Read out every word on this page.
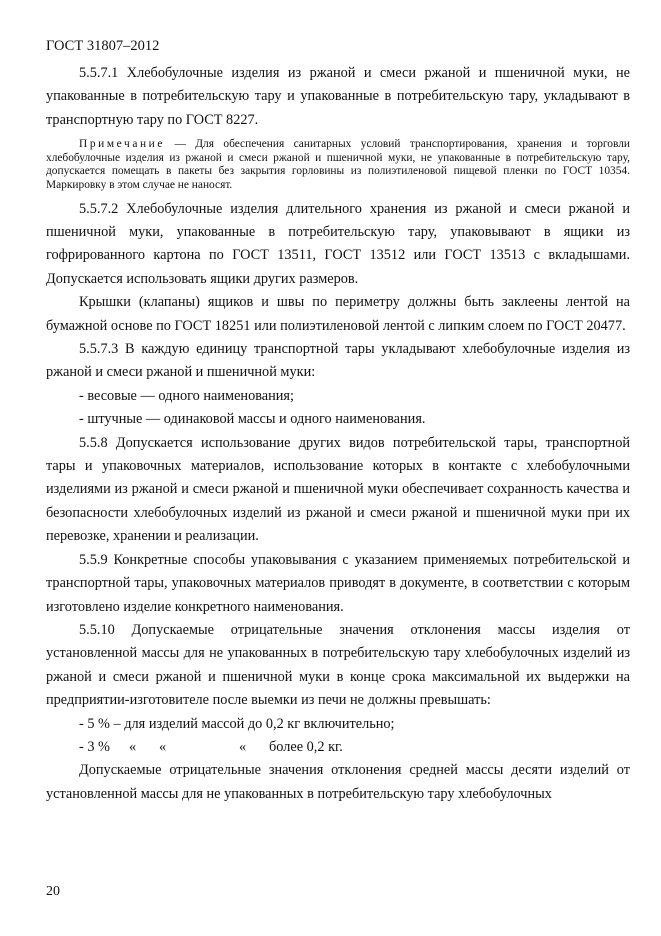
ГОСТ 31807–2012

5.5.7.1 Хлебобулочные изделия из ржаной и смеси ржаной и пшеничной муки, не упакованные в потребительскую тару и упакованные в потребительскую тару, укладывают в транспортную тару по ГОСТ 8227.

Примечание — Для обеспечения санитарных условий транспортирования, хранения и торговли хлебобулочные изделия из ржаной и смеси ржаной и пшеничной муки, не упакованные в потребительскую тару, допускается помещать в пакеты без закрытия горловины из полиэтиленовой пищевой пленки по ГОСТ 10354. Маркировку в этом случае не наносят.

5.5.7.2 Хлебобулочные изделия длительного хранения из ржаной и смеси ржаной и пшеничной муки, упакованные в потребительскую тару, упаковывают в ящики из гофрированного картона по ГОСТ 13511, ГОСТ 13512 или ГОСТ 13513 с вкладышами. Допускается использовать ящики других размеров.

Крышки (клапаны) ящиков и швы по периметру должны быть заклеены лентой на бумажной основе по ГОСТ 18251 или полиэтиленовой лентой с липким слоем по ГОСТ 20477.

5.5.7.3 В каждую единицу транспортной тары укладывают хлебобулочные изделия из ржаной и смеси ржаной и пшеничной муки:

- весовые — одного наименования;

- штучные — одинаковой массы и одного наименования.

5.5.8 Допускается использование других видов потребительской тары, транспортной тары и упаковочных материалов, использование которых в контакте с хлебобулочными изделиями из ржаной и смеси ржаной и пшеничной муки обеспечивает сохранность качества и безопасности хлебобулочных изделий из ржаной и смеси ржаной и пшеничной муки при их перевозке, хранении и реализации.

5.5.9 Конкретные способы упаковывания с указанием применяемых потребительской и транспортной тары, упаковочных материалов приводят в документе, в соответствии с которым изготовлено изделие конкретного наименования.

5.5.10 Допускаемые отрицательные значения отклонения массы изделия от установленной массы для не упакованных в потребительскую тару хлебобулочных изделий из ржаной и смеси ржаной и пшеничной муки в конце срока максимальной их выдержки на предприятии-изготовителе после выемки из печи не должны превышать:

- 5 % – для изделий массой до 0,2 кг включительно;

- 3 % « «	« более 0,2 кг.

Допускаемые отрицательные значения отклонения средней массы десяти изделий от установленной массы для не упакованных в потребительскую тару хлебобулочных

20
